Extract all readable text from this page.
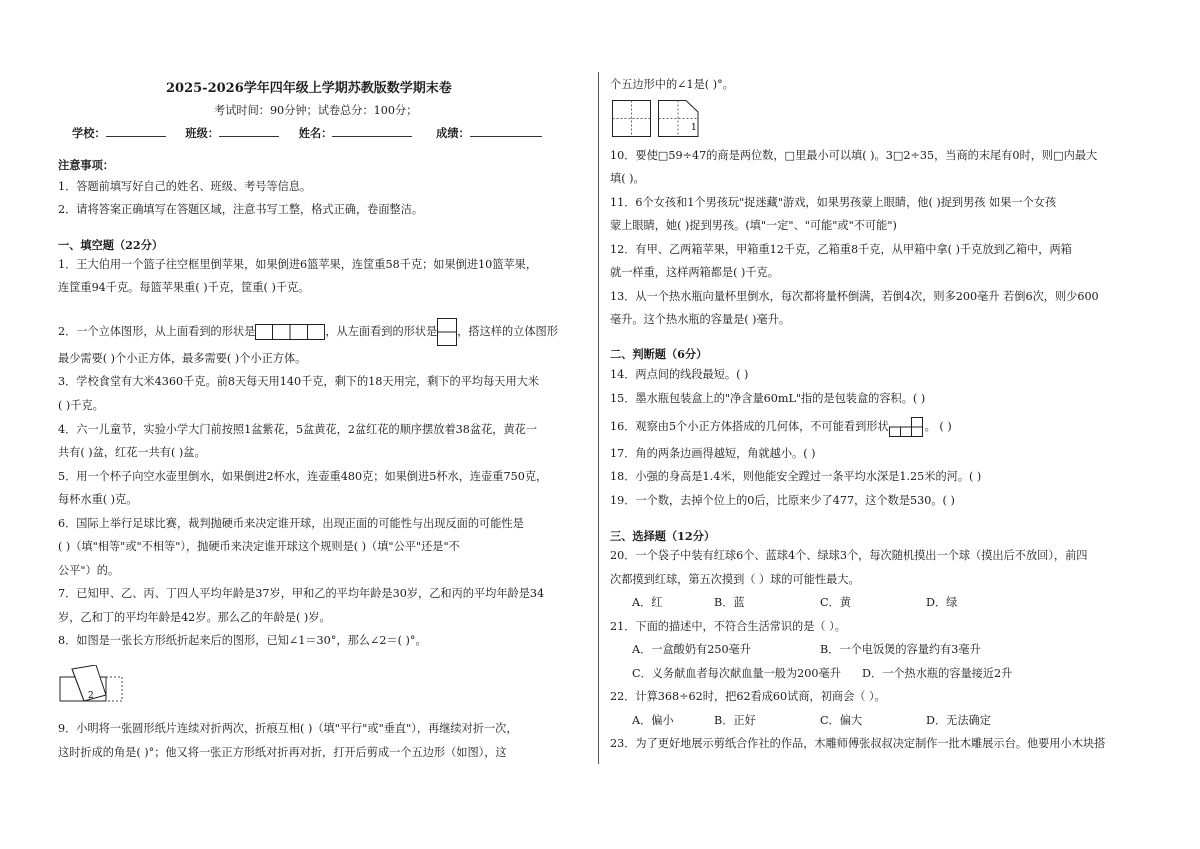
2025-2026学年四年级上学期苏教版数学期末卷
考试时间：90分钟；试卷总分：100分；
学校：	班级：	姓名：	成绩：
注意事项：
1．答题前填写好自己的姓名、班级、考号等信息。
2．请将答案正确填写在答题区域，注意书写工整，格式正确，卷面整洁。
一、填空题（22分）
1．王大伯用一个篮子往空框里倒苹果，如果倒进6篮苹果，连筐重58千克；如果倒进10篮苹果，
连筐重94千克。每篮苹果重( )千克，筐重( )千克。
2．一个立体图形，从上面看到的形状是	，从左面看到的形状是 ，搭这样的立体图形
最少需要( )个小正方体，最多需要( )个小正方体。
3．学校食堂有大米4360千克。前8天每天用140千克，剩下的18天用完，剩下的平均每天用大米
( )千克。
4．六一儿童节，实验小学大门前按照1盆紫花，5盆黄花，2盆红花的顺序摆放着38盆花，黄花一
共有( )盆，红花一共有( )盆。
5．用一个杯子向空水壶里倒水，如果倒进2杯水，连壶重480克；如果倒进5杯水，连壶重750克，
每杯水重( )克。
6．国际上举行足球比赛，裁判抛硬币来决定谁开球，出现正面的可能性与出现反面的可能性是
( )（填"相等"或"不相等"），抛硬币来决定谁开球这个规则是( )（填"公平"还是"不
公平"）的。
7．已知甲、乙、丙、丁四人平均年龄是37岁，甲和乙的平均年龄是30岁，乙和丙的平均年龄是34
岁，乙和丁的平均年龄是42岁。那么乙的年龄是( )岁。
8．如图是一张长方形纸折起来后的图形，已知∠1＝30°，那么∠2＝( )°。
2
9．小明将一张圆形纸片连续对折两次，折痕互相( )（填"平行"或"垂直"），再继续对折一次，
这时折成的角是( )°；他又将一张正方形纸对折再对折，打开后剪成一个五边形（如图），这
个五边形中的∠1是( )°。
1
10．要使□59÷47的商是两位数，□里最小可以填( )。3□2÷35，当商的末尾有0时，则□内最大
填( )。
11．6个女孩和1个男孩玩"捉迷藏"游戏，如果男孩蒙上眼睛，他( )捉到男孩 如果一个女孩
蒙上眼睛，她( )捉到男孩。(填"一定"、"可能"或"不可能")
12．有甲、乙两箱苹果，甲箱重12千克，乙箱重8千克，从甲箱中拿( )千克放到乙箱中，两箱
就一样重，这样两箱都是( )千克。
13．从一个热水瓶向量杯里倒水，每次都将量杯倒满，若倒4次，则多200毫升 若倒6次，则少600
毫升。这个热水瓶的容量是( )毫升。
二、判断题（6分）
14．两点间的线段最短。( )
15．墨水瓶包装盒上的"净含量60mL"指的是包装盒的容积。( )
16．观察由5个小正方体搭成的几何体，不可能看到形状	。 ( )
17．角的两条边画得越短，角就越小。( )
18．小强的身高是1.4米，则他能安全蹚过一条平均水深是1.25米的河。( )
19．一个数，去掉个位上的0后，比原来少了477，这个数是530。( )
三、选择题（12分）
20．一个袋子中装有红球6个、蓝球4个、绿球3个，每次随机摸出一个球（摸出后不放回），前四
次都摸到红球，第五次摸到（ ）球的可能性最大。
A．红	B．蓝	C．黄	D．绿
21．下面的描述中，不符合生活常识的是（ ）。
A．一盒酸奶有250毫升	B．一个电饭煲的容量约有3毫升
C．义务献血者每次献血量一般为200毫升 D．一个热水瓶的容量接近2升
22．计算368÷62时，把62看成60试商，初商会（ ）。
A．偏小	B．正好	C．偏大	D．无法确定
23．为了更好地展示剪纸合作社的作品，木雕师傅张叔叔决定制作一批木雕展示台。他要用小木块搭
